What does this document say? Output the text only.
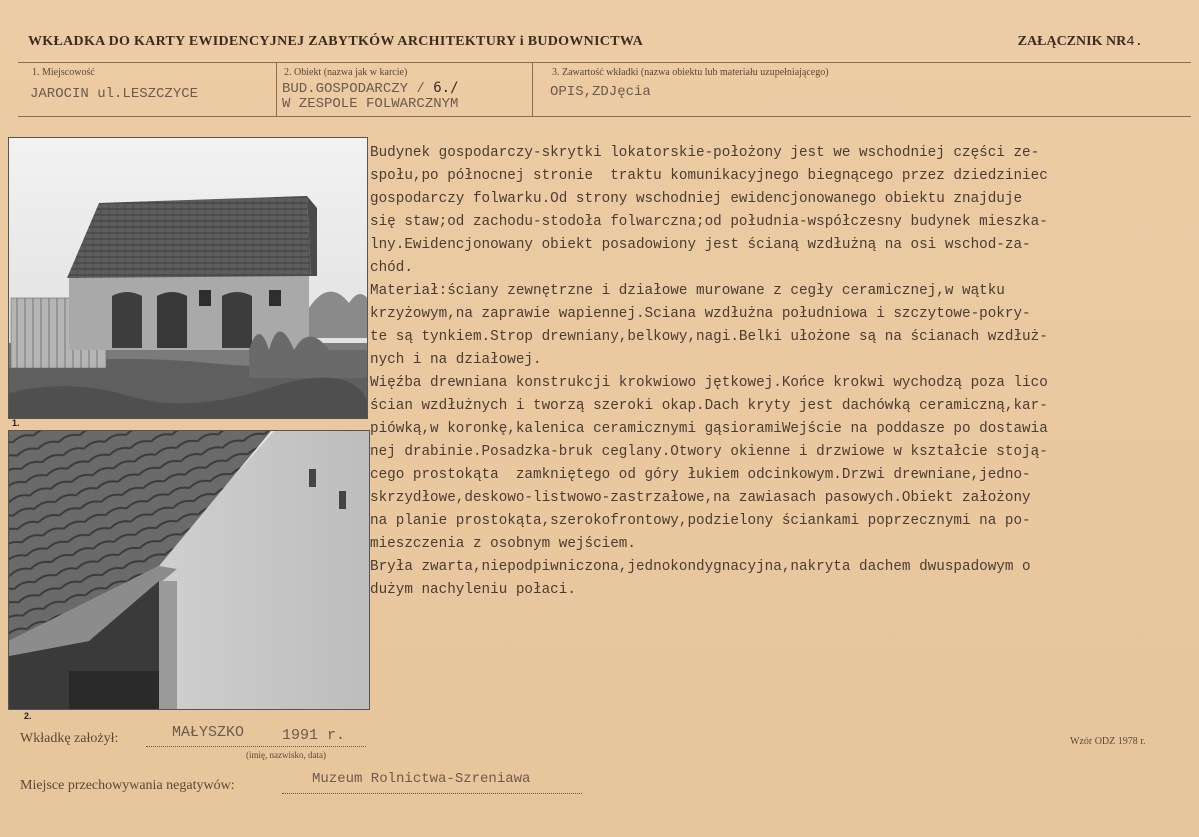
WKŁADKA DO KARTY EWIDENCYJNEJ ZABYTKÓW ARCHITEKTURY i BUDOWNICTWA	ZAŁĄCZNIK NR4.
1. Miejscowość
JAROCIN ul.LESZCZYCE
2. Obiekt (nazwa jak w karcie)
BUD.GOSPODARCZY / 6./
W ZESPOLE FOLWARCZNYM
3. Zawartość wkładki (nazwa obiektu lub materiału uzupełniającego)
OPIS,ZDJęcia
1.
2.

Budynek gospodarczy-skrytki lokatorskie-położony jest we wschodniej części ze-

społu,po północnej stronie  traktu komunikacyjnego biegnącego przez dziedziniec

gospodarczy folwarku.Od strony wschodniej ewidencjonowanego obiektu znajduje

się staw;od zachodu-stodoła folwarczna;od południa-współczesny budynek mieszka-

lny.Ewidencjonowany obiekt posadowiony jest ścianą wzdłużną na osi wschod-za-

chód.

Materiał:ściany zewnętrzne i działowe murowane z cegły ceramicznej,w wątku

krzyżowym,na zaprawie wapiennej.Sciana wzdłużna południowa i szczytowe-pokry-

te są tynkiem.Strop drewniany,belkowy,nagi.Belki ułożone są na ścianach wzdłuż-

nych i na działowej.

Więźba drewniana konstrukcji krokwiowo jętkowej.Końce krokwi wychodzą poza lico

ścian wzdłużnych i tworzą szeroki okap.Dach kryty jest dachówką ceramiczną,kar-

piówką,w koronkę,kalenica ceramicznymi gąsioramiWejście na poddasze po dostawia

nej drabinie.Posadzka-bruk ceglany.Otwory okienne i drzwiowe w kształcie stoją-

cego prostokąta  zamkniętego od góry łukiem odcinkowym.Drzwi drewniane,jedno-

skrzydłowe,deskowo-listwowo-zastrzałowe,na zawiasach pasowych.Obiekt założony

na planie prostokąta,szerokofrontowy,podzielony ściankami poprzecznymi na po-

mieszczenia z osobnym wejściem.

Bryła zwarta,niepodpiwniczona,jednokondygnacyjna,nakryta dachem dwuspadowym o

dużym nachyleniu połaci.

Wkładkę założył:	MAŁYSZKO	1991 r.
(imię, nazwisko, data)
Wzór ODZ 1978 r.
Miejsce przechowywania negatywów:	Muzeum Rolnictwa-Szreniawa
